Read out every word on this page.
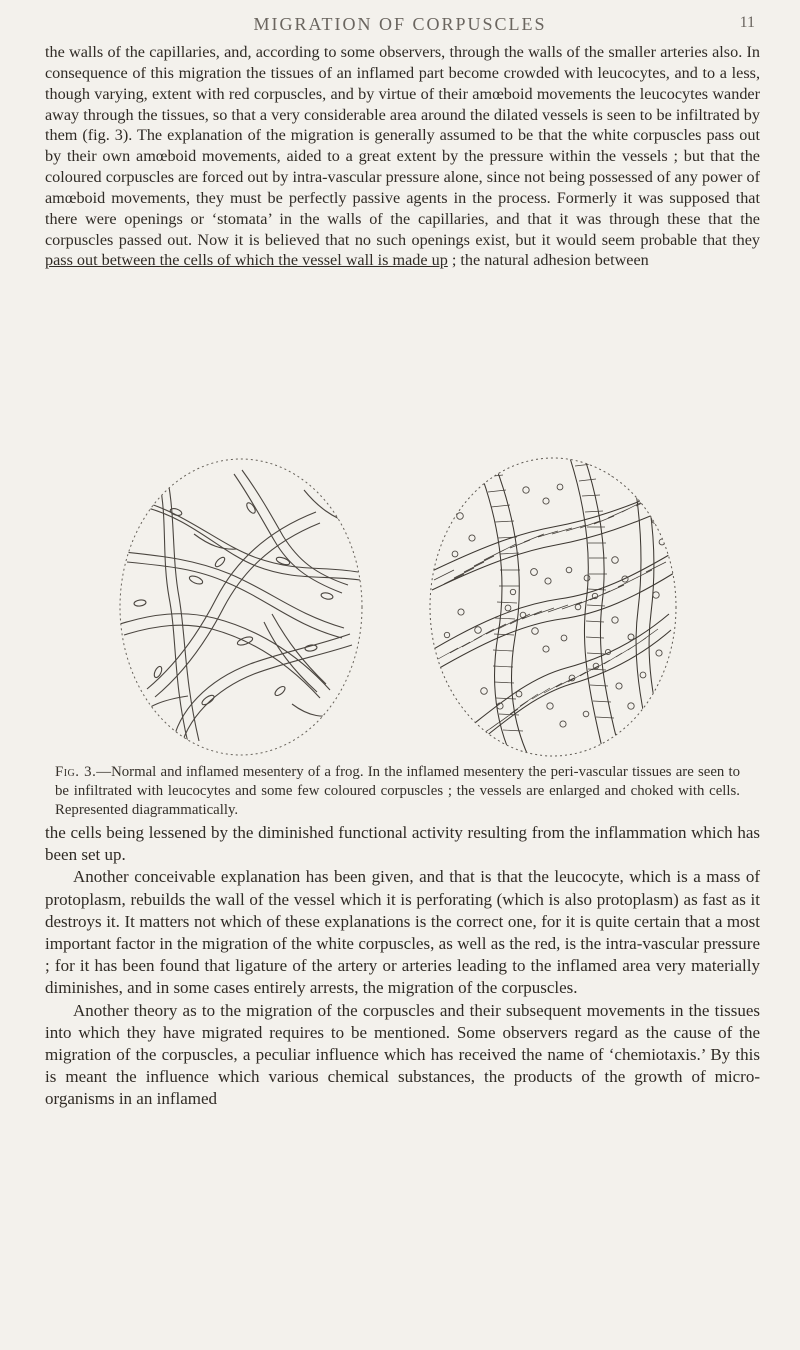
MIGRATION OF CORPUSCLES	11
the walls of the capillaries, and, according to some observers, through the walls of the smaller arteries also. In consequence of this migration the tissues of an inflamed part become crowded with leucocytes, and to a less, though varying, extent with red corpuscles, and by virtue of their amœboid movements the leucocytes wander away through the tissues, so that a very considerable area around the dilated vessels is seen to be infiltrated by them (fig. 3). The explanation of the migration is generally assumed to be that the white corpuscles pass out by their own amœboid movements, aided to a great extent by the pressure within the vessels ; but that the coloured corpuscles are forced out by intra-vascular pressure alone, since not being possessed of any power of amœboid movements, they must be perfectly passive agents in the process. Formerly it was supposed that there were openings or ‘stomata’ in the walls of the capillaries, and that it was through these that the corpuscles passed out. Now it is believed that no such openings exist, but it would seem probable that they pass out between the cells of which the vessel wall is made up ; the natural adhesion between
Fig. 3.—Normal and inflamed mesentery of a frog. In the inflamed mesentery the peri-vascular tissues are seen to be infiltrated with leucocytes and some few coloured corpuscles ; the vessels are enlarged and choked with cells. Represented diagrammatically.
the cells being lessened by the diminished functional activity resulting from the inflammation which has been set up.
Another conceivable explanation has been given, and that is that the leucocyte, which is a mass of protoplasm, rebuilds the wall of the vessel which it is perforating (which is also protoplasm) as fast as it destroys it. It matters not which of these explanations is the correct one, for it is quite certain that a most important factor in the migration of the white corpuscles, as well as the red, is the intra-vascular pressure ; for it has been found that ligature of the artery or arteries leading to the inflamed area very materially diminishes, and in some cases entirely arrests, the migration of the corpuscles.
Another theory as to the migration of the corpuscles and their subsequent movements in the tissues into which they have migrated requires to be mentioned. Some observers regard as the cause of the migration of the corpuscles, a peculiar influence which has received the name of ‘chemiotaxis.’ By this is meant the influence which various chemical substances, the products of the growth of micro-organisms in an inflamed
